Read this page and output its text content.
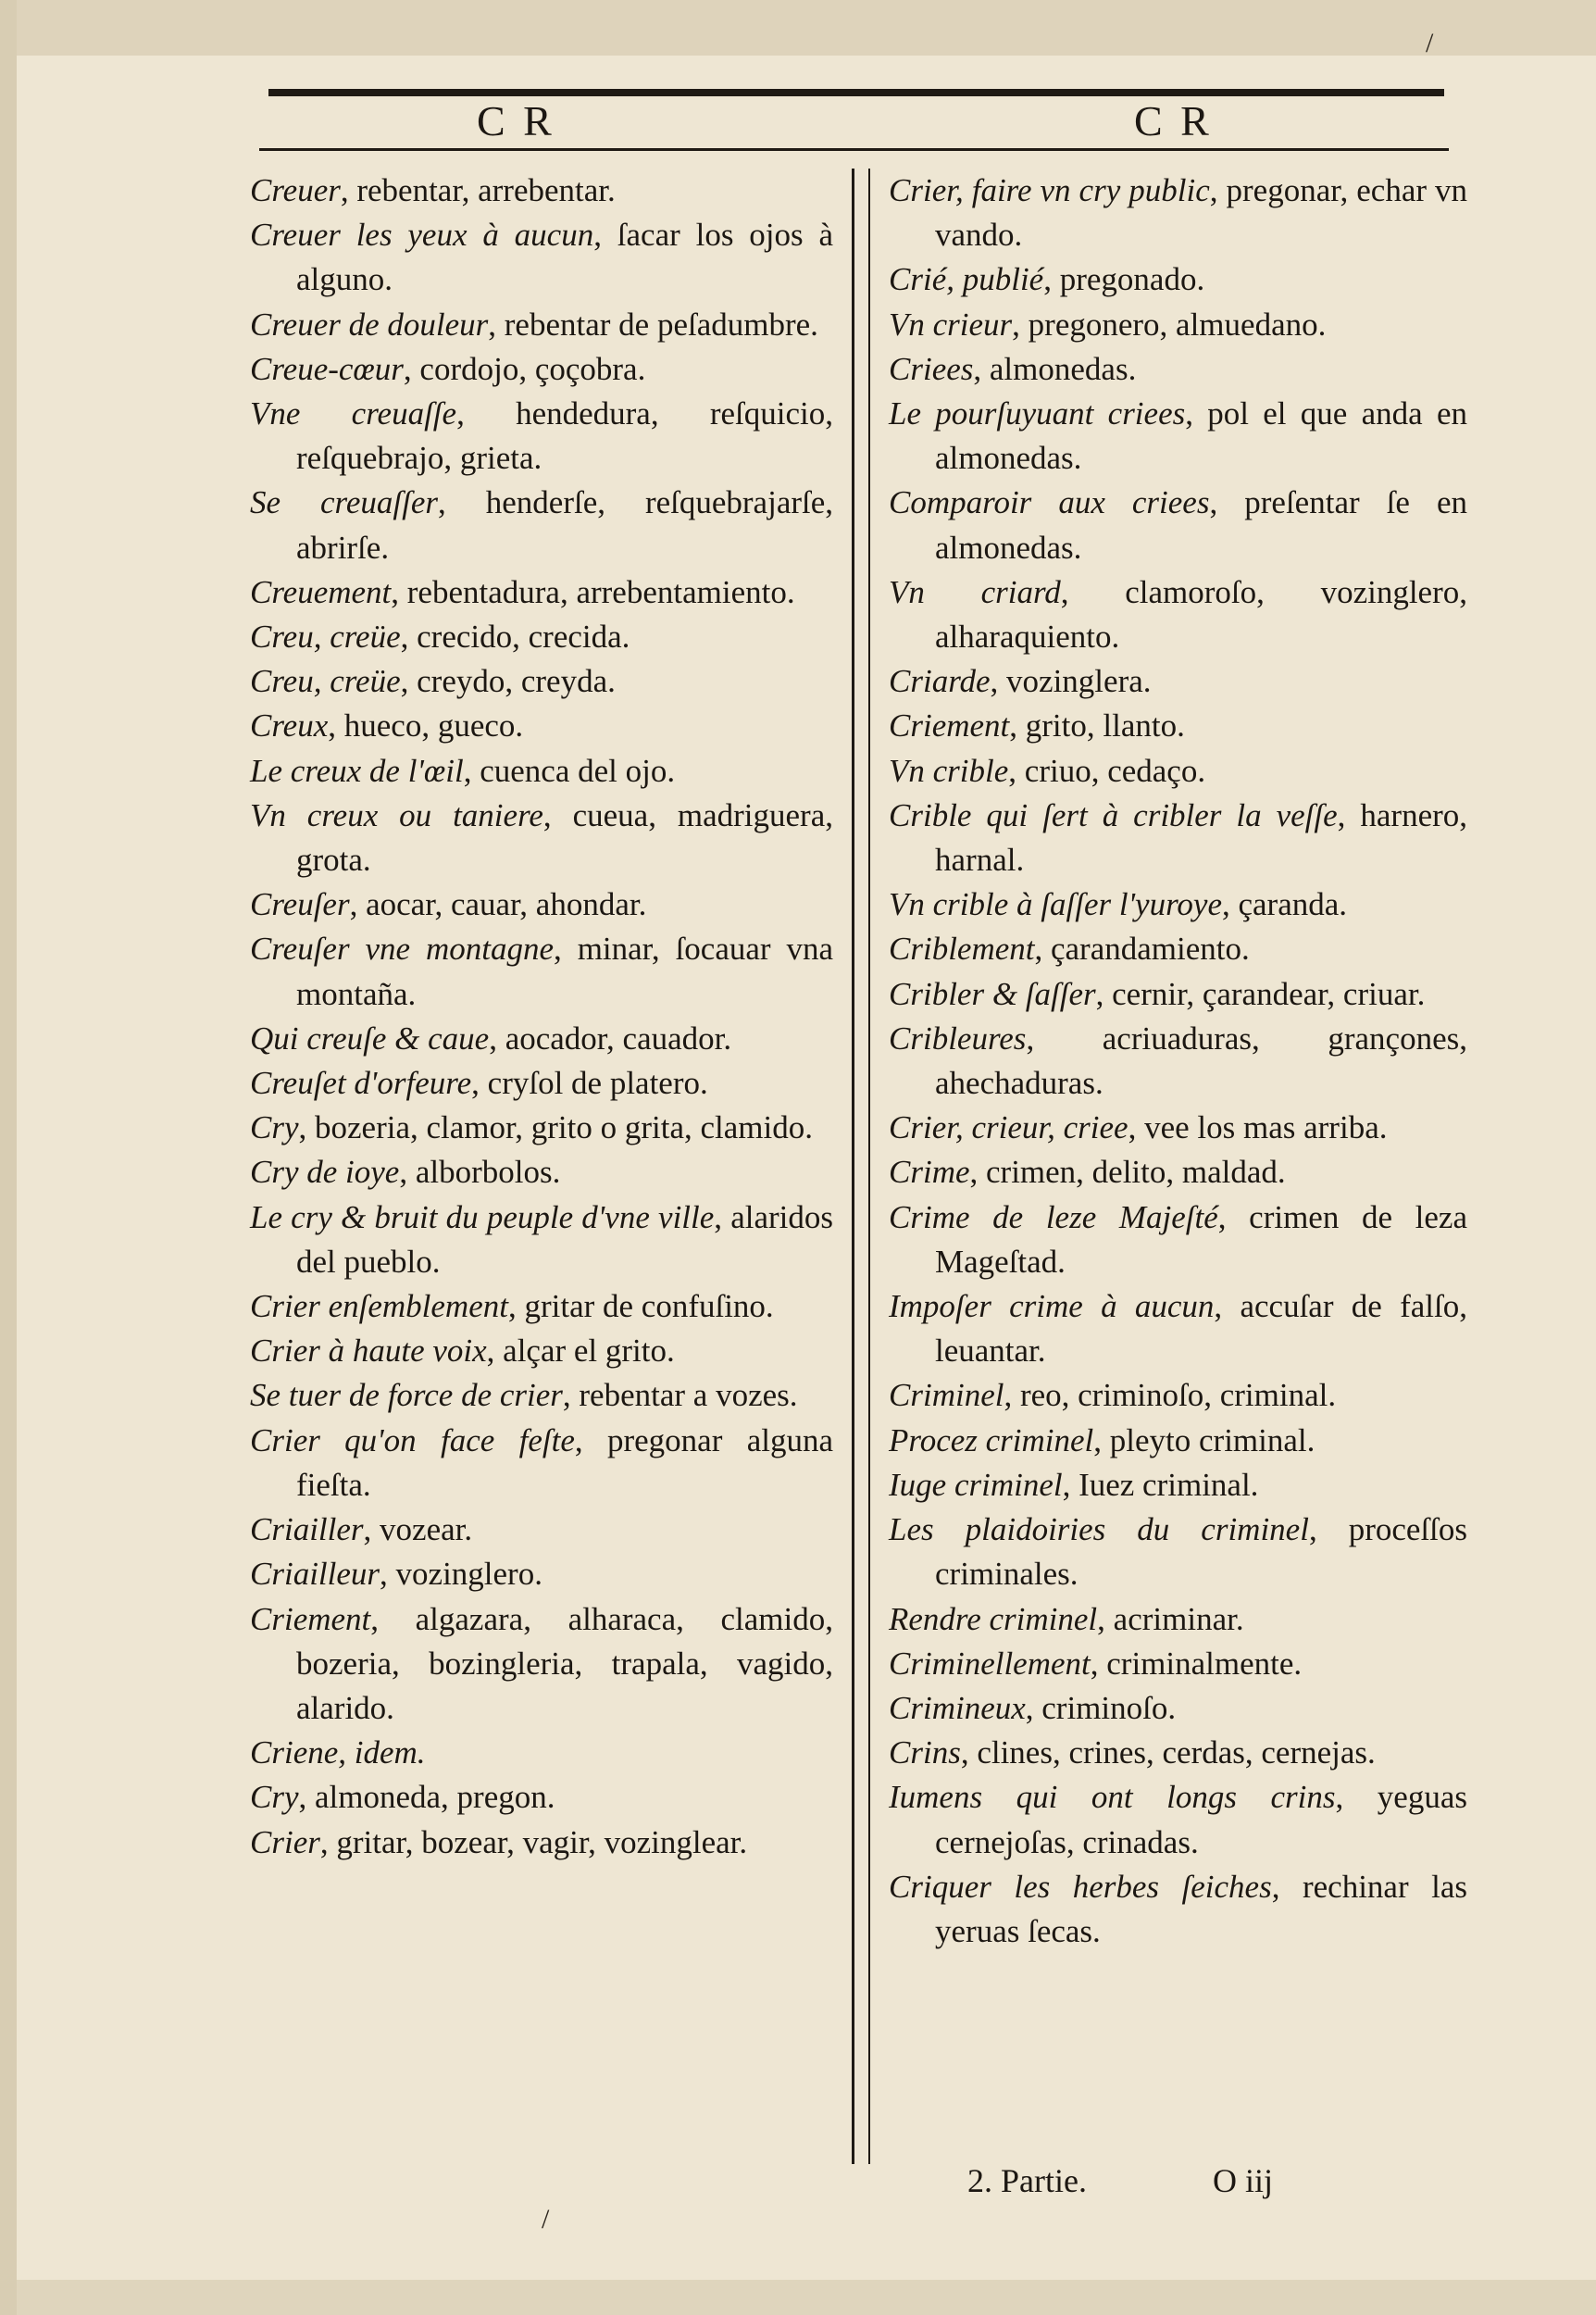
C R	C R
Creuer, rebentar, arrebentar.
Creuer les yeux à aucun, ſacar los ojos à alguno.
Creuer de douleur, rebentar de peſadumbre.
Creue-cœur, cordojo, çoçobra.
Vne creuaſſe, hendedura, reſquicio, reſquebrajo, grieta.
Se creuaſſer, henderſe, reſquebrajarſe, abrirſe.
Creuement, rebentadura, arrebentamiento.
Creu, creüe, crecido, crecida.
Creu, creüe, creydo, creyda.
Creux, hueco, gueco.
Le creux de l'œil, cuenca del ojo.
Vn creux ou taniere, cueua, madriguera, grota.
Creuſer, aocar, cauar, ahondar.
Creuſer vne montagne, minar, ſocauar vna montaña.
Qui creuſe & caue, aocador, cauador.
Creuſet d'orfeure, cryſol de platero.
Cry, bozeria, clamor, grito o grita, clamido.
Cry de ioye, alborbolos.
Le cry & bruit du peuple d'vne ville, alaridos del pueblo.
Crier enſemblement, gritar de confuſino.
Crier à haute voix, alçar el grito.
Se tuer de force de crier, rebentar a vozes.
Crier qu'on face feſte, pregonar alguna fieſta.
Criailler, vozear.
Criailleur, vozinglero.
Criement, algazara, alharaca, clamido, bozeria, bozingleria, trapala, vagido, alarido.
Criene, idem.
Cry, almoneda, pregon.
Crier, gritar, bozear, vagir, vozinglear.
Crier, faire vn cry public, pregonar, echar vn vando.
Crié, publié, pregonado.
Vn crieur, pregonero, almuedano.
Criees, almonedas.
Le pourſuyuant criees, pol el que anda en almonedas.
Comparoir aux criees, preſentar ſe en almonedas.
Vn criard, clamoroſo, vozinglero, alharaquiento.
Criarde, vozinglera.
Criement, grito, llanto.
Vn crible, criuo, cedaço.
Crible qui ſert à cribler la veſſe, harnero, harnal.
Vn crible à ſaſſer l'yuroye, çaranda.
Criblement, çarandamiento.
Cribler & ſaſſer, cernir, çarandear, criuar.
Cribleures, acriuaduras, grançones, ahechaduras.
Crier, crieur, criee, vee los mas arriba.
Crime, crimen, delito, maldad.
Crime de leze Majeſté, crimen de leza Mageſtad.
Impoſer crime à aucun, accuſar de falſo, leuantar.
Criminel, reo, criminoſo, criminal.
Procez criminel, pleyto criminal.
Iuge criminel, Iuez criminal.
Les plaidoiries du criminel, proceſſos criminales.
Rendre criminel, acriminar.
Criminellement, criminalmente.
Crimineux, criminoſo.
Crins, clines, crines, cerdas, cernejas.
Iumens qui ont longs crins, yeguas cernejoſas, crinadas.
Criquer les herbes ſeiches, rechinar las yeruas ſecas.
2. Partie.	O iij
/
/
